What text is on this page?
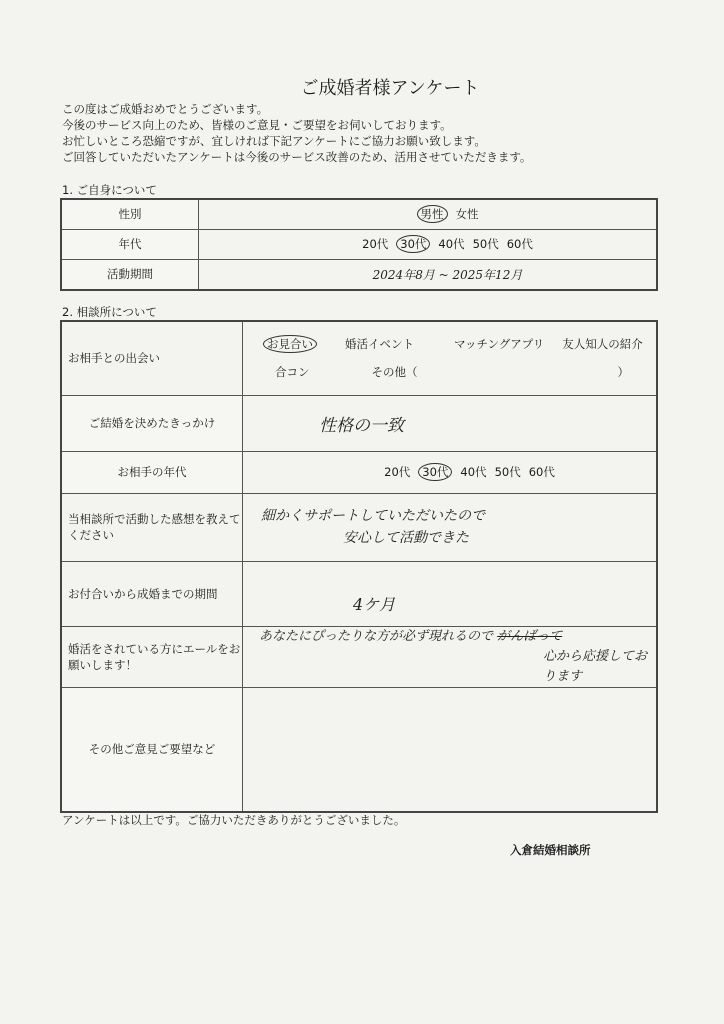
ご成婚者様アンケート
この度はご成婚おめでとうございます。
今後のサービス向上のため、皆様のご意見・ご要望をお伺いしております。
お忙しいところ恐縮ですが、宜しければ下記アンケートにご協力お願い致します。
ご回答していただいたアンケートは今後のサービス改善のため、活用させていただきます。
1. ご自身について
性別	男性 女性
年代	20代 30代 40代 50代 60代
活動期間	2024年8月 ~ 2025年12月
2. 相談所について
お相手との出会い	お見合い 婚活イベント マッチングアプリ 友人知人の紹介
合コン その他（ ）

ご結婚を決めたきっかけ	性格の一致
お相手の年代	20代 30代 40代 50代 60代
当相談所で活動した感想を教えてください	細かくサポートしていただいたので
安心して活動できた

お付合いから成婚までの期間	4ケ月
婚活をされている方にエールをお願いします！	あなたにぴったりな方が必ず現れるので がんばって
心から応援しております

その他ご意見ご要望など	
アンケートは以上です。ご協力いただきありがとうございました。
入倉結婚相談所
